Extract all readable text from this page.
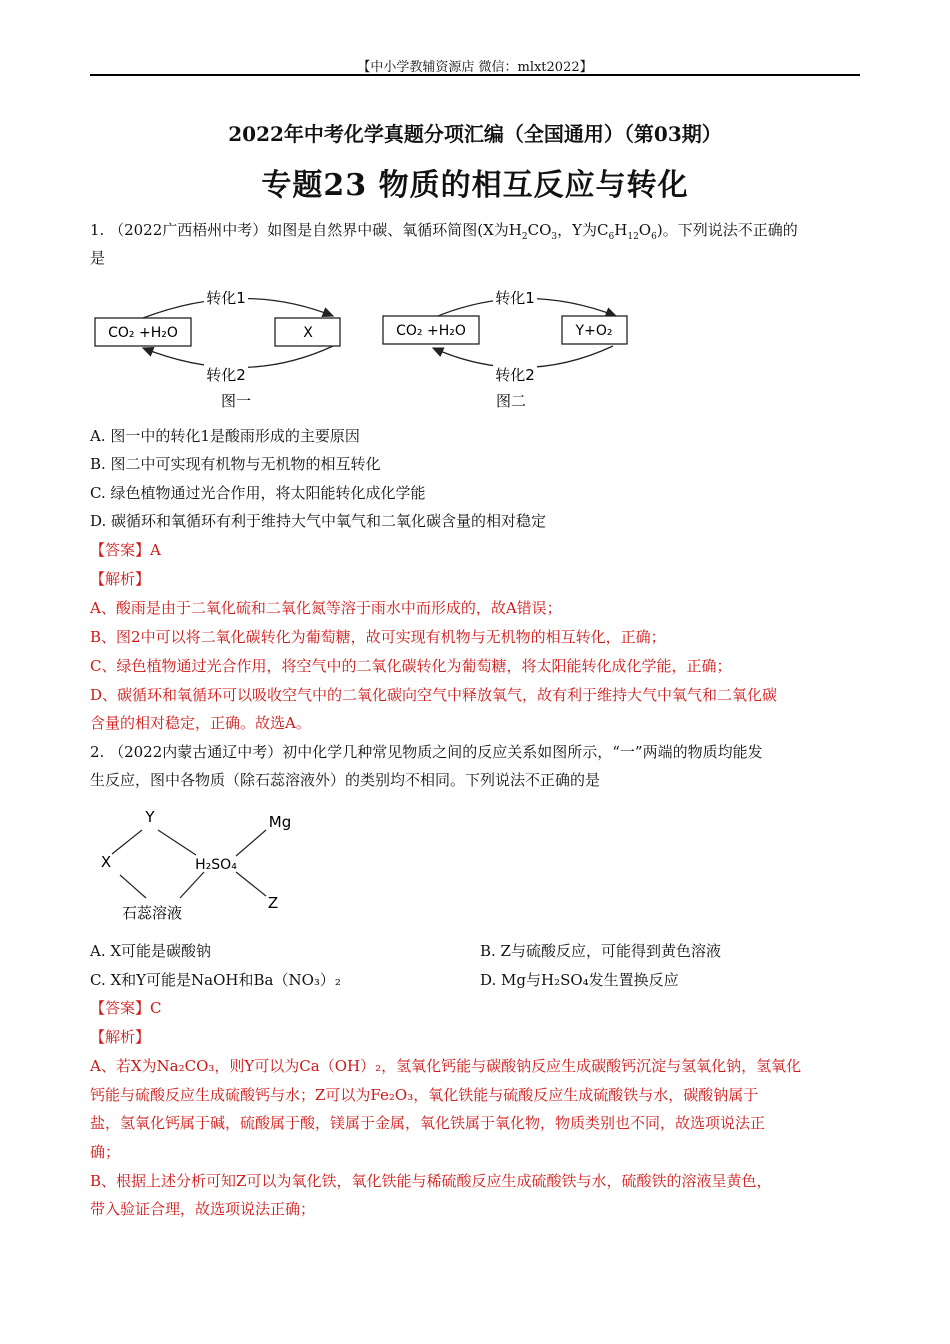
【中小学教辅资源店 微信：mlxt2022】
2022年中考化学真题分项汇编（全国通用）（第03期）
专题23 物质的相互反应与转化
1. （2022广西梧州中考）如图是自然界中碳、氧循环简图(X为$H_2CO_3$，Y为$C_6H_{12}O_6$)。下列说法不正确的
是
CO₂ +H₂O	X
转化1
转化2
图一
CO₂ +H₂O	Y+O₂
转化1
转化2
图二
A. 图一中的转化1是酸雨形成的主要原因
B. 图二中可实现有机物与无机物的相互转化
C. 绿色植物通过光合作用，将太阳能转化成化学能
D. 碳循环和氧循环有利于维持大气中氧气和二氧化碳含量的相对稳定
【答案】A
【解析】
A、酸雨是由于二氧化硫和二氧化氮等溶于雨水中而形成的，故A错误；
B、图2中可以将二氧化碳转化为葡萄糖，故可实现有机物与无机物的相互转化，正确；
C、绿色植物通过光合作用，将空气中的二氧化碳转化为葡萄糖，将太阳能转化成化学能，正确；
D、碳循环和氧循环可以吸收空气中的二氧化碳向空气中释放氧气，故有利于维持大气中氧气和二氧化碳
含量的相对稳定，正确。故选A。
2. （2022内蒙古通辽中考）初中化学几种常见物质之间的反应关系如图所示，“一”两端的物质均能发
生反应，图中各物质（除石蕊溶液外）的类别均不相同。下列说法不正确的是
Y	Mg
X	H₂SO₄
石蕊溶液
Z
A. X可能是碳酸钠	B. Z与硫酸反应，可能得到黄色溶液
C. X和Y可能是NaOH和Ba（NO₃）₂	D. Mg与H₂SO₄发生置换反应
【答案】C
【解析】
A、若X为Na₂CO₃，则Y可以为Ca（OH）₂，氢氧化钙能与碳酸钠反应生成碳酸钙沉淀与氢氧化钠，氢氧化
钙能与硫酸反应生成硫酸钙与水；Z可以为Fe₂O₃，氧化铁能与硫酸反应生成硫酸铁与水，碳酸钠属于
盐，氢氧化钙属于碱，硫酸属于酸，镁属于金属，氧化铁属于氧化物，物质类别也不同，故选项说法正
确；
B、根据上述分析可知Z可以为氧化铁，氧化铁能与稀硫酸反应生成硫酸铁与水，硫酸铁的溶液呈黄色，
带入验证合理，故选项说法正确；
